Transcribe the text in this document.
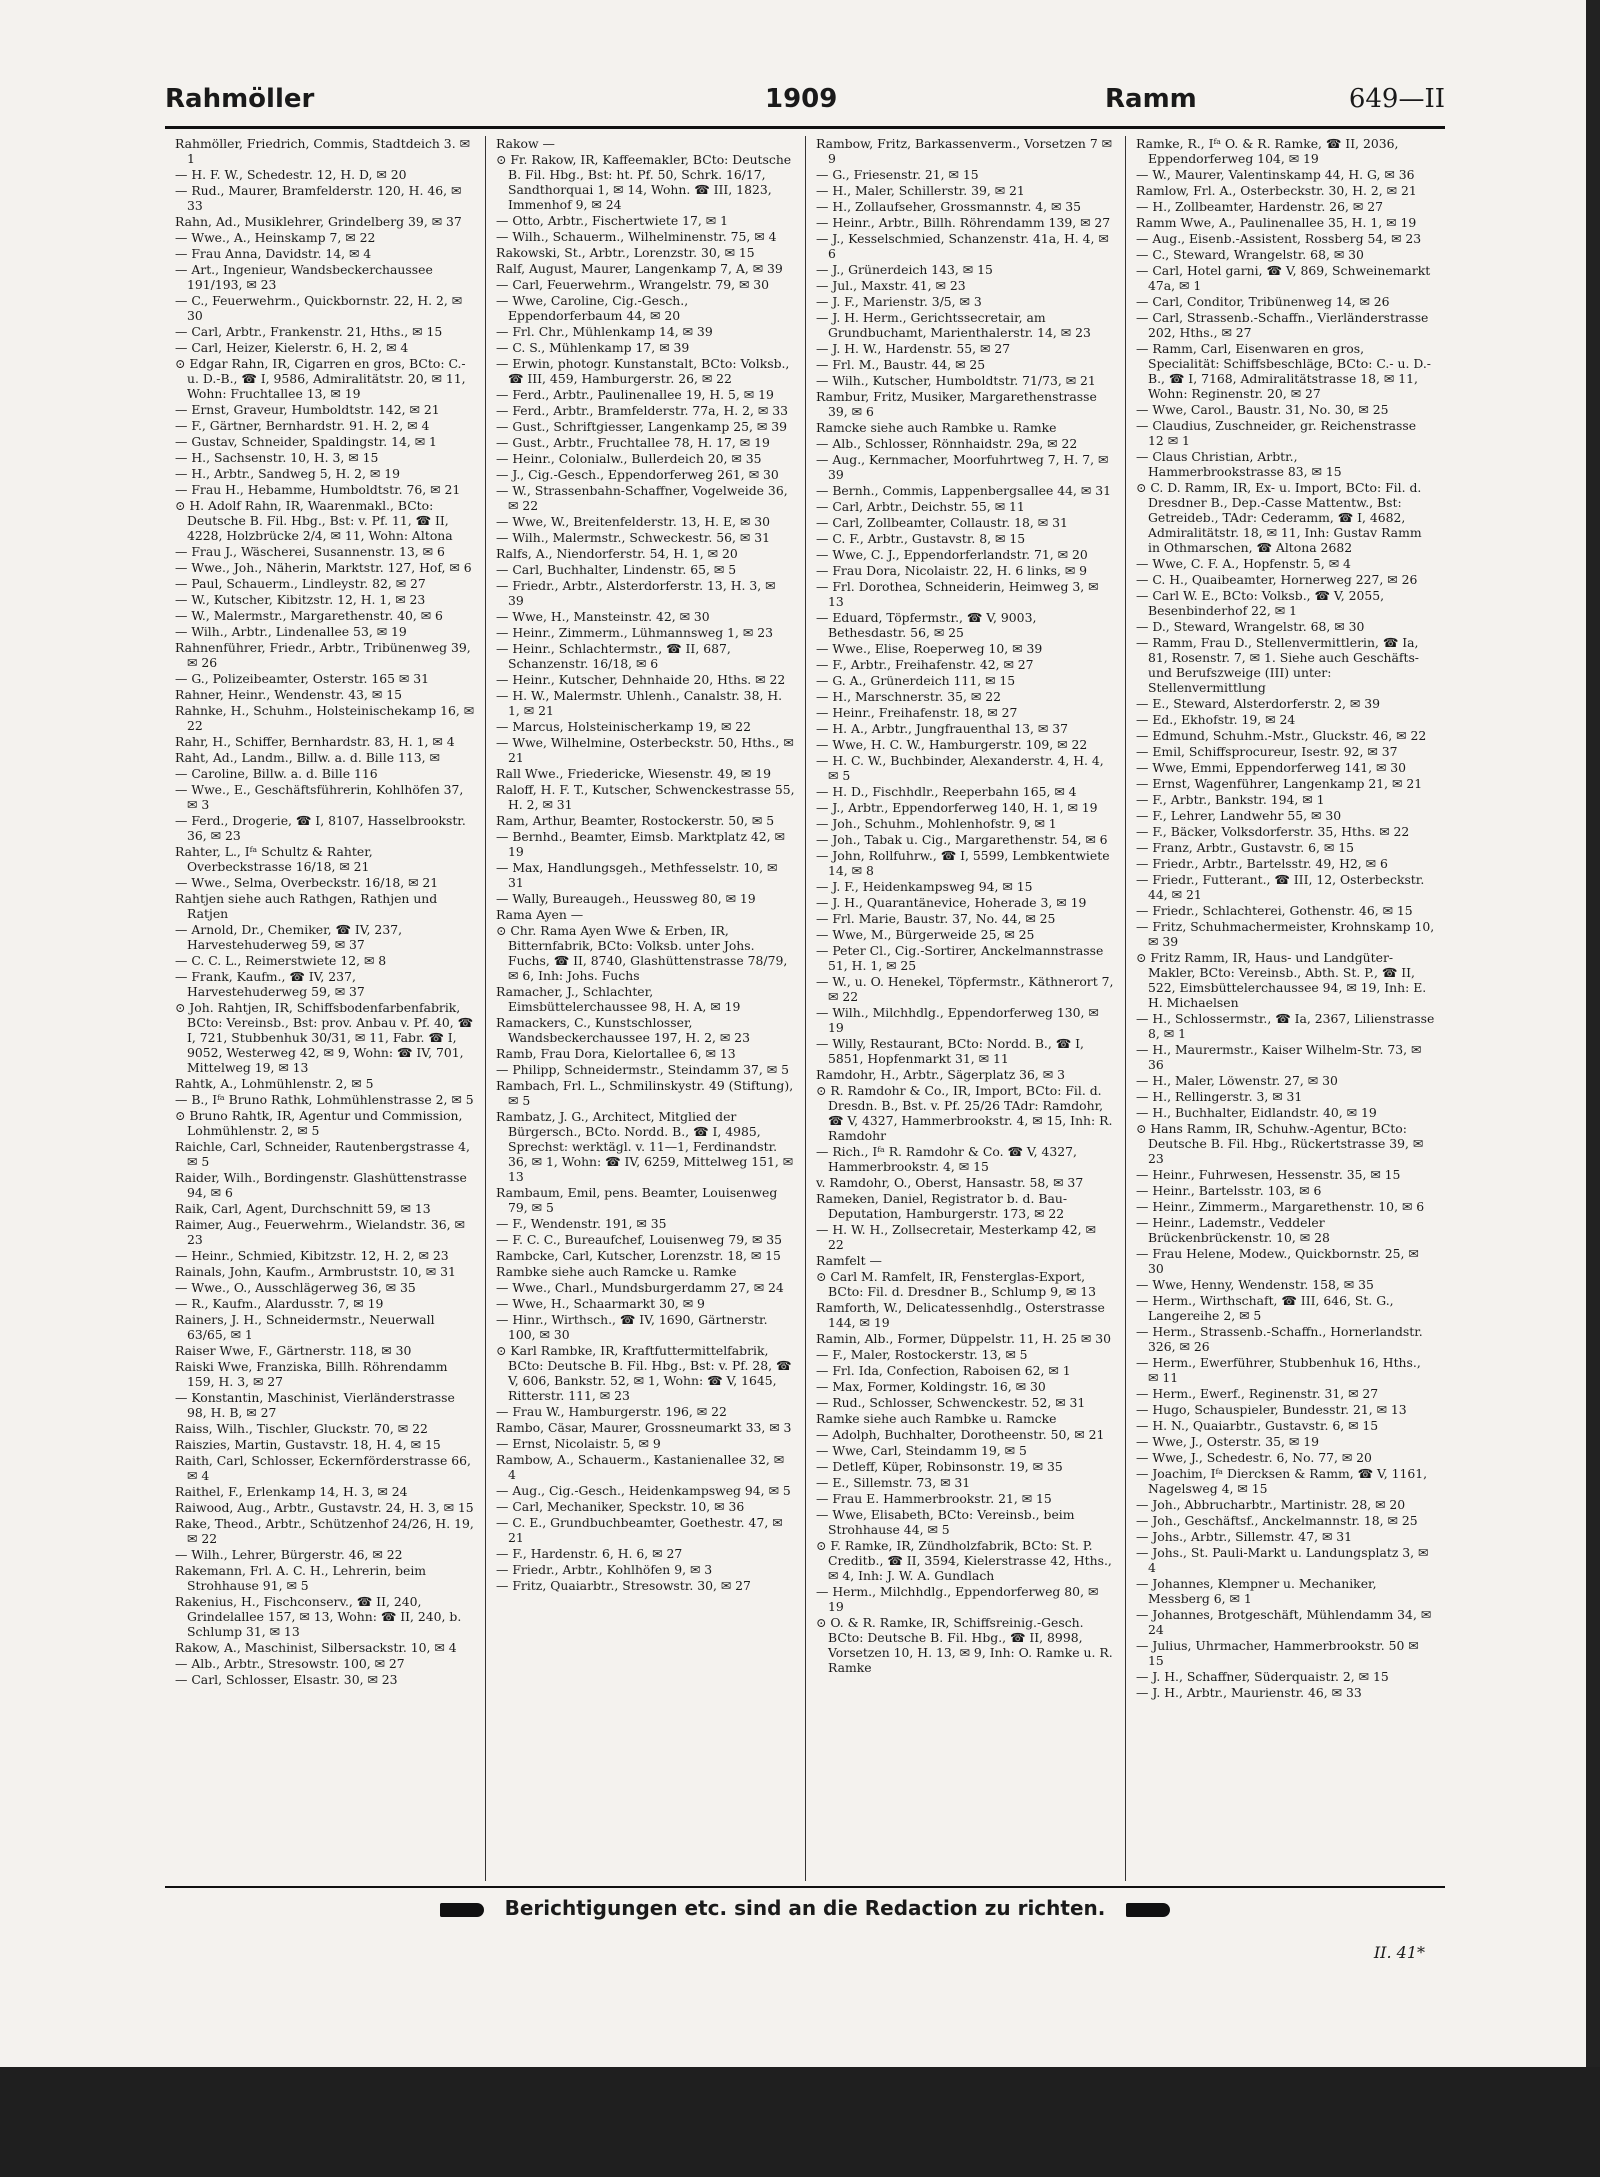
Rahmöller	1909	Ramm	649—II
Rahmöller, Friedrich, Commis, Stadtdeich 3. ✉ 1
— H. F. W., Schedestr. 12, H. D, ✉ 20
— Rud., Maurer, Bramfelderstr. 120, H. 46, ✉ 33
Rahn, Ad., Musiklehrer, Grindelberg 39, ✉ 37
— Wwe., A., Heinskamp 7, ✉ 22
— Frau Anna, Davidstr. 14, ✉ 4
— Art., Ingenieur, Wandsbeckerchaussee 191/193, ✉ 23
— C., Feuerwehrm., Quickbornstr. 22, H. 2, ✉ 30
— Carl, Arbtr., Frankenstr. 21, Hths., ✉ 15
— Carl, Heizer, Kielerstr. 6, H. 2, ✉ 4
⊙ Edgar Rahn, IR, Cigarren en gros, BCto: C.- u. D.-B., ☎ I, 9586, Admiralitätstr. 20, ✉ 11, Wohn: Fruchtallee 13, ✉ 19
— Ernst, Graveur, Humboldtstr. 142, ✉ 21
— F., Gärtner, Bernhardstr. 91. H. 2, ✉ 4
— Gustav, Schneider, Spaldingstr. 14, ✉ 1
— H., Sachsenstr. 10, H. 3, ✉ 15
— H., Arbtr., Sandweg 5, H. 2, ✉ 19
— Frau H., Hebamme, Humboldtstr. 76, ✉ 21
⊙ H. Adolf Rahn, IR, Waarenmakl., BCto: Deutsche B. Fil. Hbg., Bst: v. Pf. 11, ☎ II, 4228, Holzbrücke 2/4, ✉ 11, Wohn: Altona
— Frau J., Wäscherei, Susannenstr. 13, ✉ 6
— Wwe., Joh., Näherin, Marktstr. 127, Hof, ✉ 6
— Paul, Schauerm., Lindleystr. 82, ✉ 27
— W., Kutscher, Kibitzstr. 12, H. 1, ✉ 23
— W., Malermstr., Margarethenstr. 40, ✉ 6
— Wilh., Arbtr., Lindenallee 53, ✉ 19
Rahnenführer, Friedr., Arbtr., Tribünenweg 39, ✉ 26
— G., Polizeibeamter, Osterstr. 165 ✉ 31
Rahner, Heinr., Wendenstr. 43, ✉ 15
Rahnke, H., Schuhm., Holsteinischekamp 16, ✉ 22
Rahr, H., Schiffer, Bernhardstr. 83, H. 1, ✉ 4
Raht, Ad., Landm., Billw. a. d. Bille 113, ✉
— Caroline, Billw. a. d. Bille 116
— Wwe., E., Geschäftsführerin, Kohlhöfen 37, ✉ 3
— Ferd., Drogerie, ☎ I, 8107, Hasselbrookstr. 36, ✉ 23
Rahter, L., Iᶠᵃ Schultz & Rahter, Overbeckstrasse 16/18, ✉ 21
— Wwe., Selma, Overbeckstr. 16/18, ✉ 21
Rahtjen siehe auch Rathgen, Rathjen und Ratjen
— Arnold, Dr., Chemiker, ☎ IV, 237, Harvestehuderweg 59, ✉ 37
— C. C. L., Reimerstwiete 12, ✉ 8
— Frank, Kaufm., ☎ IV, 237, Harvestehuderweg 59, ✉ 37
⊙ Joh. Rahtjen, IR, Schiffsbodenfarbenfabrik, BCto: Vereinsb., Bst: prov. Anbau v. Pf. 40, ☎ I, 721, Stubbenhuk 30/31, ✉ 11, Fabr. ☎ I, 9052, Westerweg 42, ✉ 9, Wohn: ☎ IV, 701, Mittelweg 19, ✉ 13
Rahtk, A., Lohmühlenstr. 2, ✉ 5
— B., Iᶠᵃ Bruno Rathk, Lohmühlenstrasse 2, ✉ 5
⊙ Bruno Rahtk, IR, Agentur und Commission, Lohmühlenstr. 2, ✉ 5
Raichle, Carl, Schneider, Rautenbergstrasse 4, ✉ 5
Raider, Wilh., Bordingenstr. Glashüttenstrasse 94, ✉ 6
Raik, Carl, Agent, Durchschnitt 59, ✉ 13
Raimer, Aug., Feuerwehrm., Wielandstr. 36, ✉ 23
— Heinr., Schmied, Kibitzstr. 12, H. 2, ✉ 23
Rainals, John, Kaufm., Armbruststr. 10, ✉ 31
— Wwe., O., Ausschlägerweg 36, ✉ 35
— R., Kaufm., Alardusstr. 7, ✉ 19
Rainers, J. H., Schneidermstr., Neuerwall 63/65, ✉ 1
Raiser Wwe, F., Gärtnerstr. 118, ✉ 30
Raiski Wwe, Franziska, Billh. Röhrendamm 159, H. 3, ✉ 27
— Konstantin, Maschinist, Vierländerstrasse 98, H. B, ✉ 27
Raiss, Wilh., Tischler, Gluckstr. 70, ✉ 22
Raiszies, Martin, Gustavstr. 18, H. 4, ✉ 15
Raith, Carl, Schlosser, Eckernförderstrasse 66, ✉ 4
Raithel, F., Erlenkamp 14, H. 3, ✉ 24
Raiwood, Aug., Arbtr., Gustavstr. 24, H. 3, ✉ 15
Rake, Theod., Arbtr., Schützenhof 24/26, H. 19, ✉ 22
— Wilh., Lehrer, Bürgerstr. 46, ✉ 22
Rakemann, Frl. A. C. H., Lehrerin, beim Strohhause 91, ✉ 5
Rakenius, H., Fischconserv., ☎ II, 240, Grindelallee 157, ✉ 13, Wohn: ☎ II, 240, b. Schlump 31, ✉ 13
Rakow, A., Maschinist, Silbersackstr. 10, ✉ 4
— Alb., Arbtr., Stresowstr. 100, ✉ 27
— Carl, Schlosser, Elsastr. 30, ✉ 23
Rakow —
⊙ Fr. Rakow, IR, Kaffeemakler, BCto: Deutsche B. Fil. Hbg., Bst: ht. Pf. 50, Schrk. 16/17, Sandthorquai 1, ✉ 14, Wohn. ☎ III, 1823, Immenhof 9, ✉ 24
— Otto, Arbtr., Fischertwiete 17, ✉ 1
— Wilh., Schauerm., Wilhelminenstr. 75, ✉ 4
Rakowski, St., Arbtr., Lorenzstr. 30, ✉ 15
Ralf, August, Maurer, Langenkamp 7, A, ✉ 39
— Carl, Feuerwehrm., Wrangelstr. 79, ✉ 30
— Wwe, Caroline, Cig.-Gesch., Eppendorferbaum 44, ✉ 20
— Frl. Chr., Mühlenkamp 14, ✉ 39
— C. S., Mühlenkamp 17, ✉ 39
— Erwin, photogr. Kunstanstalt, BCto: Volksb., ☎ III, 459, Hamburgerstr. 26, ✉ 22
— Ferd., Arbtr., Paulinenallee 19, H. 5, ✉ 19
— Ferd., Arbtr., Bramfelderstr. 77a, H. 2, ✉ 33
— Gust., Schriftgiesser, Langenkamp 25, ✉ 39
— Gust., Arbtr., Fruchtallee 78, H. 17, ✉ 19
— Heinr., Colonialw., Bullerdeich 20, ✉ 35
— J., Cig.-Gesch., Eppendorferweg 261, ✉ 30
— W., Strassenbahn-Schaffner, Vogelweide 36, ✉ 22
— Wwe, W., Breitenfelderstr. 13, H. E, ✉ 30
— Wilh., Malermstr., Schweckestr. 56, ✉ 31
Ralfs, A., Niendorferstr. 54, H. 1, ✉ 20
— Carl, Buchhalter, Lindenstr. 65, ✉ 5
— Friedr., Arbtr., Alsterdorferstr. 13, H. 3, ✉ 39
— Wwe, H., Mansteinstr. 42, ✉ 30
— Heinr., Zimmerm., Lühmannsweg 1, ✉ 23
— Heinr., Schlachtermstr., ☎ II, 687, Schanzenstr. 16/18, ✉ 6
— Heinr., Kutscher, Dehnhaide 20, Hths. ✉ 22
— H. W., Malermstr. Uhlenh., Canalstr. 38, H. 1, ✉ 21
— Marcus, Holsteinischerkamp 19, ✉ 22
— Wwe, Wilhelmine, Osterbeckstr. 50, Hths., ✉ 21
Rall Wwe., Friedericke, Wiesenstr. 49, ✉ 19
Raloff, H. F. T., Kutscher, Schwenckestrasse 55, H. 2, ✉ 31
Ram, Arthur, Beamter, Rostockerstr. 50, ✉ 5
— Bernhd., Beamter, Eimsb. Marktplatz 42, ✉ 19
— Max, Handlungsgeh., Methfesselstr. 10, ✉ 31
— Wally, Bureaugeh., Heussweg 80, ✉ 19
Rama Ayen —
⊙ Chr. Rama Ayen Wwe & Erben, IR, Bitternfabrik, BCto: Volksb. unter Johs. Fuchs, ☎ II, 8740, Glashüttenstrasse 78/79, ✉ 6, Inh: Johs. Fuchs
Ramacher, J., Schlachter, Eimsbüttelerchaussee 98, H. A, ✉ 19
Ramackers, C., Kunstschlosser, Wandsbeckerchaussee 197, H. 2, ✉ 23
Ramb, Frau Dora, Kielortallee 6, ✉ 13
— Philipp, Schneidermstr., Steindamm 37, ✉ 5
Rambach, Frl. L., Schmilinskystr. 49 (Stiftung), ✉ 5
Rambatz, J. G., Architect, Mitglied der Bürgersch., BCto. Nordd. B., ☎ I, 4985, Sprechst: werktägl. v. 11—1, Ferdinandstr. 36, ✉ 1, Wohn: ☎ IV, 6259, Mittelweg 151, ✉ 13
Rambaum, Emil, pens. Beamter, Louisenweg 79, ✉ 5
— F., Wendenstr. 191, ✉ 35
— F. C. C., Bureaufchef, Louisenweg 79, ✉ 35
Rambcke, Carl, Kutscher, Lorenzstr. 18, ✉ 15
Rambke siehe auch Ramcke u. Ramke
— Wwe., Charl., Mundsburgerdamm 27, ✉ 24
— Wwe, H., Schaarmarkt 30, ✉ 9
— Hinr., Wirthsch., ☎ IV, 1690, Gärtnerstr. 100, ✉ 30
⊙ Karl Rambke, IR, Kraftfuttermittelfabrik, BCto: Deutsche B. Fil. Hbg., Bst: v. Pf. 28, ☎ V, 606, Bankstr. 52, ✉ 1, Wohn: ☎ V, 1645, Ritterstr. 111, ✉ 23
— Frau W., Hamburgerstr. 196, ✉ 22
Rambo, Cäsar, Maurer, Grossneumarkt 33, ✉ 3
— Ernst, Nicolaistr. 5, ✉ 9
Rambow, A., Schauerm., Kastanienallee 32, ✉ 4
— Aug., Cig.-Gesch., Heidenkampsweg 94, ✉ 5
— Carl, Mechaniker, Speckstr. 10, ✉ 36
— C. E., Grundbuchbeamter, Goethestr. 47, ✉ 21
— F., Hardenstr. 6, H. 6, ✉ 27
— Friedr., Arbtr., Kohlhöfen 9, ✉ 3
— Fritz, Quaiarbtr., Stresowstr. 30, ✉ 27
Rambow, Fritz, Barkassenverm., Vorsetzen 7 ✉ 9
— G., Friesenstr. 21, ✉ 15
— H., Maler, Schillerstr. 39, ✉ 21
— H., Zollaufseher, Grossmannstr. 4, ✉ 35
— Heinr., Arbtr., Billh. Röhrendamm 139, ✉ 27
— J., Kesselschmied, Schanzenstr. 41a, H. 4, ✉ 6
— J., Grünerdeich 143, ✉ 15
— Jul., Maxstr. 41, ✉ 23
— J. F., Marienstr. 3/5, ✉ 3
— J. H. Herm., Gerichtssecretair, am Grundbuchamt, Marienthalerstr. 14, ✉ 23
— J. H. W., Hardenstr. 55, ✉ 27
— Frl. M., Baustr. 44, ✉ 25
— Wilh., Kutscher, Humboldtstr. 71/73, ✉ 21
Rambur, Fritz, Musiker, Margarethenstrasse 39, ✉ 6
Ramcke siehe auch Rambke u. Ramke
— Alb., Schlosser, Rönnhaidstr. 29a, ✉ 22
— Aug., Kernmacher, Moorfuhrtweg 7, H. 7, ✉ 39
— Bernh., Commis, Lappenbergsallee 44, ✉ 31
— Carl, Arbtr., Deichstr. 55, ✉ 11
— Carl, Zollbeamter, Collaustr. 18, ✉ 31
— C. F., Arbtr., Gustavstr. 8, ✉ 15
— Wwe, C. J., Eppendorferlandstr. 71, ✉ 20
— Frau Dora, Nicolaistr. 22, H. 6 links, ✉ 9
— Frl. Dorothea, Schneiderin, Heimweg 3, ✉ 13
— Eduard, Töpfermstr., ☎ V, 9003, Bethesdastr. 56, ✉ 25
— Wwe., Elise, Roeperweg 10, ✉ 39
— F., Arbtr., Freihafenstr. 42, ✉ 27
— G. A., Grünerdeich 111, ✉ 15
— H., Marschnerstr. 35, ✉ 22
— Heinr., Freihafenstr. 18, ✉ 27
— H. A., Arbtr., Jungfrauenthal 13, ✉ 37
— Wwe, H. C. W., Hamburgerstr. 109, ✉ 22
— H. C. W., Buchbinder, Alexanderstr. 4, H. 4, ✉ 5
— H. D., Fischhdlr., Reeperbahn 165, ✉ 4
— J., Arbtr., Eppendorferweg 140, H. 1, ✉ 19
— Joh., Schuhm., Mohlenhofstr. 9, ✉ 1
— Joh., Tabak u. Cig., Margarethenstr. 54, ✉ 6
— John, Rollfuhrw., ☎ I, 5599, Lembkentwiete 14, ✉ 8
— J. F., Heidenkampsweg 94, ✉ 15
— J. H., Quarantänevice, Hoherade 3, ✉ 19
— Frl. Marie, Baustr. 37, No. 44, ✉ 25
— Wwe, M., Bürgerweide 25, ✉ 25
— Peter Cl., Cig.-Sortirer, Anckelmannstrasse 51, H. 1, ✉ 25
— W., u. O. Henekel, Töpfermstr., Käthnerort 7, ✉ 22
— Wilh., Milchhdlg., Eppendorferweg 130, ✉ 19
— Willy, Restaurant, BCto: Nordd. B., ☎ I, 5851, Hopfenmarkt 31, ✉ 11
Ramdohr, H., Arbtr., Sägerplatz 36, ✉ 3
⊙ R. Ramdohr & Co., IR, Import, BCto: Fil. d. Dresdn. B., Bst. v. Pf. 25/26 TAdr: Ramdohr, ☎ V, 4327, Hammerbrookstr. 4, ✉ 15, Inh: R. Ramdohr
— Rich., Iᶠᵃ R. Ramdohr & Co. ☎ V, 4327, Hammerbrookstr. 4, ✉ 15
v. Ramdohr, O., Oberst, Hansastr. 58, ✉ 37
Rameken, Daniel, Registrator b. d. Bau-Deputation, Hamburgerstr. 173, ✉ 22
— H. W. H., Zollsecretair, Mesterkamp 42, ✉ 22
Ramfelt —
⊙ Carl M. Ramfelt, IR, Fensterglas-Export, BCto: Fil. d. Dresdner B., Schlump 9, ✉ 13
Ramforth, W., Delicatessenhdlg., Osterstrasse 144, ✉ 19
Ramin, Alb., Former, Düppelstr. 11, H. 25 ✉ 30
— F., Maler, Rostockerstr. 13, ✉ 5
— Frl. Ida, Confection, Raboisen 62, ✉ 1
— Max, Former, Koldingstr. 16, ✉ 30
— Rud., Schlosser, Schwenckestr. 52, ✉ 31
Ramke siehe auch Rambke u. Ramcke
— Adolph, Buchhalter, Dorotheenstr. 50, ✉ 21
— Wwe, Carl, Steindamm 19, ✉ 5
— Detleff, Küper, Robinsonstr. 19, ✉ 35
— E., Sillemstr. 73, ✉ 31
— Frau E. Hammerbrookstr. 21, ✉ 15
— Wwe, Elisabeth, BCto: Vereinsb., beim Strohhause 44, ✉ 5
⊙ F. Ramke, IR, Zündholzfabrik, BCto: St. P. Creditb., ☎ II, 3594, Kielerstrasse 42, Hths., ✉ 4, Inh: J. W. A. Gundlach
— Herm., Milchhdlg., Eppendorferweg 80, ✉ 19
⊙ O. & R. Ramke, IR, Schiffsreinig.-Gesch. BCto: Deutsche B. Fil. Hbg., ☎ II, 8998, Vorsetzen 10, H. 13, ✉ 9, Inh: O. Ramke u. R. Ramke
Ramke, R., Iᶠᵃ O. & R. Ramke, ☎ II, 2036, Eppendorferweg 104, ✉ 19
— W., Maurer, Valentinskamp 44, H. G, ✉ 36
Ramlow, Frl. A., Osterbeckstr. 30, H. 2, ✉ 21
— H., Zollbeamter, Hardenstr. 26, ✉ 27
Ramm Wwe, A., Paulinenallee 35, H. 1, ✉ 19
— Aug., Eisenb.-Assistent, Rossberg 54, ✉ 23
— C., Steward, Wrangelstr. 68, ✉ 30
— Carl, Hotel garni, ☎ V, 869, Schweinemarkt 47a, ✉ 1
— Carl, Conditor, Tribünenweg 14, ✉ 26
— Carl, Strassenb.-Schaffn., Vierländerstrasse 202, Hths., ✉ 27
— Ramm, Carl, Eisenwaren en gros, Specialität: Schiffsbeschläge, BCto: C.- u. D.-B., ☎ I, 7168, Admiralitätstrasse 18, ✉ 11, Wohn: Reginenstr. 20, ✉ 27
— Wwe, Carol., Baustr. 31, No. 30, ✉ 25
— Claudius, Zuschneider, gr. Reichenstrasse 12 ✉ 1
— Claus Christian, Arbtr., Hammerbrookstrasse 83, ✉ 15
⊙ C. D. Ramm, IR, Ex- u. Import, BCto: Fil. d. Dresdner B., Dep.-Casse Mattentw., Bst: Getreideb., TAdr: Cederamm, ☎ I, 4682, Admiralitätstr. 18, ✉ 11, Inh: Gustav Ramm in Othmarschen, ☎ Altona 2682
— Wwe, C. F. A., Hopfenstr. 5, ✉ 4
— C. H., Quaibeamter, Hornerweg 227, ✉ 26
— Carl W. E., BCto: Volksb., ☎ V, 2055, Besenbinderhof 22, ✉ 1
— D., Steward, Wrangelstr. 68, ✉ 30
— Ramm, Frau D., Stellenvermittlerin, ☎ Ia, 81, Rosenstr. 7, ✉ 1. Siehe auch Geschäfts- und Berufszweige (III) unter: Stellenvermittlung
— E., Steward, Alsterdorferstr. 2, ✉ 39
— Ed., Ekhofstr. 19, ✉ 24
— Edmund, Schuhm.-Mstr., Gluckstr. 46, ✉ 22
— Emil, Schiffsprocureur, Isestr. 92, ✉ 37
— Wwe, Emmi, Eppendorferweg 141, ✉ 30
— Ernst, Wagenführer, Langenkamp 21, ✉ 21
— F., Arbtr., Bankstr. 194, ✉ 1
— F., Lehrer, Landwehr 55, ✉ 30
— F., Bäcker, Volksdorferstr. 35, Hths. ✉ 22
— Franz, Arbtr., Gustavstr. 6, ✉ 15
— Friedr., Arbtr., Bartelsstr. 49, H2, ✉ 6
— Friedr., Futterant., ☎ III, 12, Osterbeckstr. 44, ✉ 21
— Friedr., Schlachterei, Gothenstr. 46, ✉ 15
— Fritz, Schuhmachermeister, Krohnskamp 10, ✉ 39
⊙ Fritz Ramm, IR, Haus- und Landgüter-Makler, BCto: Vereinsb., Abth. St. P., ☎ II, 522, Eimsbüttelerchaussee 94, ✉ 19, Inh: E. H. Michaelsen
— H., Schlossermstr., ☎ Ia, 2367, Lilienstrasse 8, ✉ 1
— H., Maurermstr., Kaiser Wilhelm-Str. 73, ✉ 36
— H., Maler, Löwenstr. 27, ✉ 30
— H., Rellingerstr. 3, ✉ 31
— H., Buchhalter, Eidlandstr. 40, ✉ 19
⊙ Hans Ramm, IR, Schuhw.-Agentur, BCto: Deutsche B. Fil. Hbg., Rückertstrasse 39, ✉ 23
— Heinr., Fuhrwesen, Hessenstr. 35, ✉ 15
— Heinr., Bartelsstr. 103, ✉ 6
— Heinr., Zimmerm., Margarethenstr. 10, ✉ 6
— Heinr., Lademstr., Veddeler Brückenbrückenstr. 10, ✉ 28
— Frau Helene, Modew., Quickbornstr. 25, ✉ 30
— Wwe, Henny, Wendenstr. 158, ✉ 35
— Herm., Wirthschaft, ☎ III, 646, St. G., Langereihe 2, ✉ 5
— Herm., Strassenb.-Schaffn., Hornerlandstr. 326, ✉ 26
— Herm., Ewerführer, Stubbenhuk 16, Hths., ✉ 11
— Herm., Ewerf., Reginenstr. 31, ✉ 27
— Hugo, Schauspieler, Bundesstr. 21, ✉ 13
— H. N., Quaiarbtr., Gustavstr. 6, ✉ 15
— Wwe, J., Osterstr. 35, ✉ 19
— Wwe, J., Schedestr. 6, No. 77, ✉ 20
— Joachim, Iᶠᵃ Diercksen & Ramm, ☎ V, 1161, Nagelsweg 4, ✉ 15
— Joh., Abbrucharbtr., Martinistr. 28, ✉ 20
— Joh., Geschäftsf., Anckelmannstr. 18, ✉ 25
— Johs., Arbtr., Sillemstr. 47, ✉ 31
— Johs., St. Pauli-Markt u. Landungsplatz 3, ✉ 4
— Johannes, Klempner u. Mechaniker, Messberg 6, ✉ 1
— Johannes, Brotgeschäft, Mühlendamm 34, ✉ 24
— Julius, Uhrmacher, Hammerbrookstr. 50 ✉ 15
— J. H., Schaffner, Süderquaistr. 2, ✉ 15
— J. H., Arbtr., Maurienstr. 46, ✉ 33
Berichtigungen etc. sind an die Redaction zu richten.
II. 41*
